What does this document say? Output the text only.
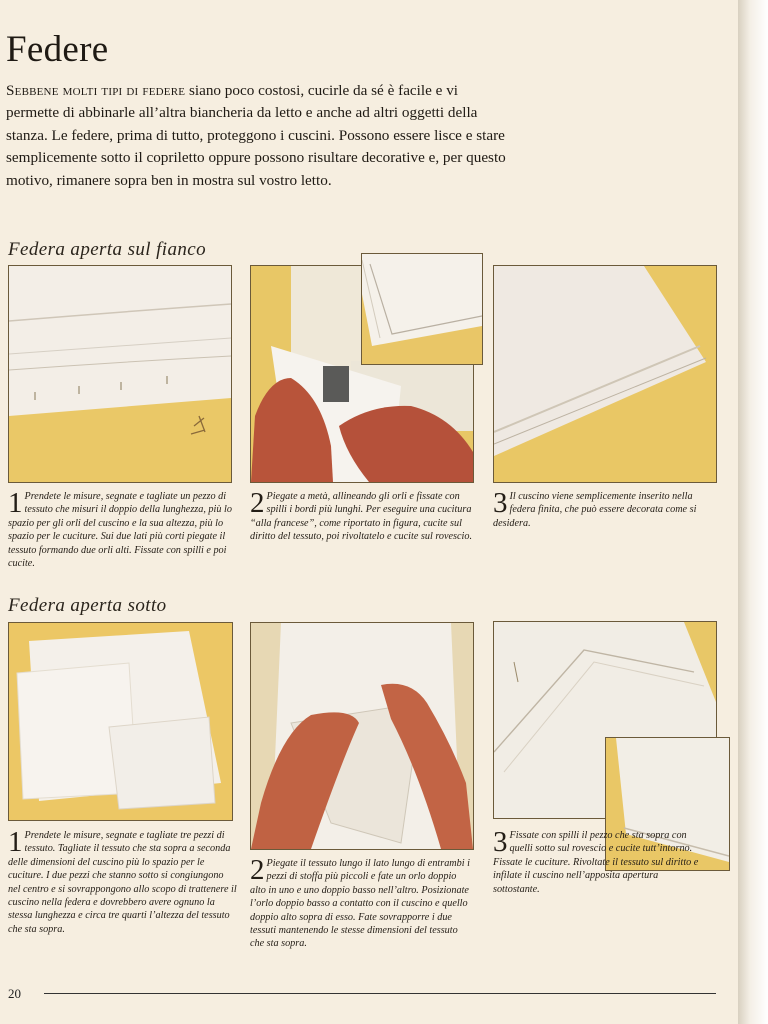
Federe
Sebbene molti tipi di federe siano poco costosi, cucirle da sé è facile e vi permette di abbinarle all’altra biancheria da letto e anche ad altri oggetti della stanza. Le federe, prima di tutto, proteggono i cuscini. Possono essere lisce e stare semplicemente sotto il copriletto oppure possono risultare decorative e, per questo motivo, rimanere sopra ben in mostra sul vostro letto.
Federa aperta sul fianco
1 Prendete le misure, segnate e tagliate un pezzo di tessuto che misuri il doppio della lunghezza, più lo spazio per gli orli del cuscino e la sua altezza, più lo spazio per le cuciture. Sui due lati più corti piegate il tessuto formando due orli alti. Fissate con spilli e poi cucite.
2 Piegate a metà, allineando gli orli e fissate con spilli i bordi più lunghi. Per eseguire una cucitura “alla francese”, come riportato in figura, cucite sul diritto del tessuto, poi rivoltatelo e cucite sul rovescio.
3 Il cuscino viene semplicemente inserito nella federa finita, che può essere decorata come si desidera.
Federa aperta sotto
1 Prendete le misure, segnate e tagliate tre pezzi di tessuto. Tagliate il tessuto che sta sopra a seconda delle dimensioni del cuscino più lo spazio per le cuciture. I due pezzi che stanno sotto si congiungono nel centro e si sovrappongono allo scopo di trattenere il cuscino nella federa e dovrebbero avere ognuno la stessa lunghezza e circa tre quarti l’altezza del tessuto che sta sopra.
2 Piegate il tessuto lungo il lato lungo di entrambi i pezzi di stoffa più piccoli e fate un orlo doppio alto in uno e uno doppio basso nell’altro. Posizionate l’orlo doppio basso a contatto con il cuscino e quello doppio alto sopra di esso. Fate sovrapporre i due tessuti mantenendo le stesse dimensioni del tessuto che sta sopra.
3 Fissate con spilli il pezzo che sta sopra con quelli sotto sul rovescio e cucite tutt’intorno. Fissate le cuciture. Rivoltate il tessuto sul diritto e infilate il cuscino nell’apposita apertura sottostante.
20
